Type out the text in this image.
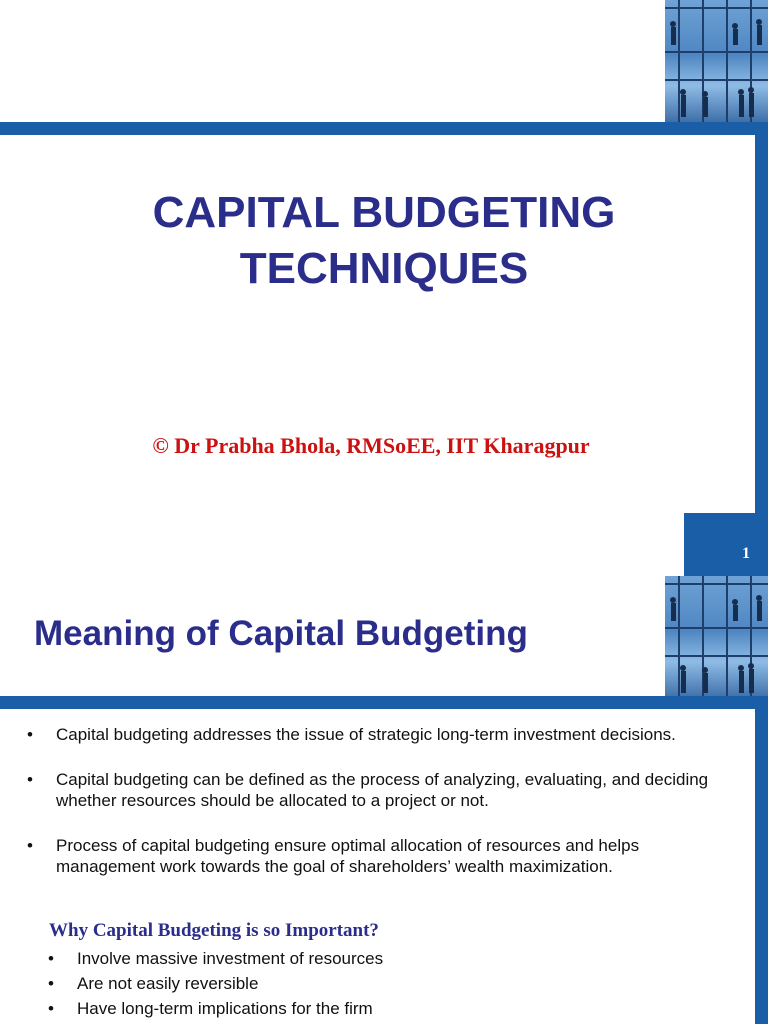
CAPITAL BUDGETING
TECHNIQUES
© Dr Prabha Bhola, RMSoEE, IIT Kharagpur
1
Meaning of Capital Budgeting
• Capital budgeting addresses the issue of strategic long-term investment decisions.
• Capital budgeting can be defined as the process of analyzing, evaluating, and deciding whether resources should be allocated to a project or not.
• Process of capital budgeting ensure optimal allocation of resources and helps management work towards the goal of shareholders’ wealth maximization.
Why Capital Budgeting is so Important?
• Involve massive investment of resources
• Are not easily reversible
• Have long-term implications for the firm
